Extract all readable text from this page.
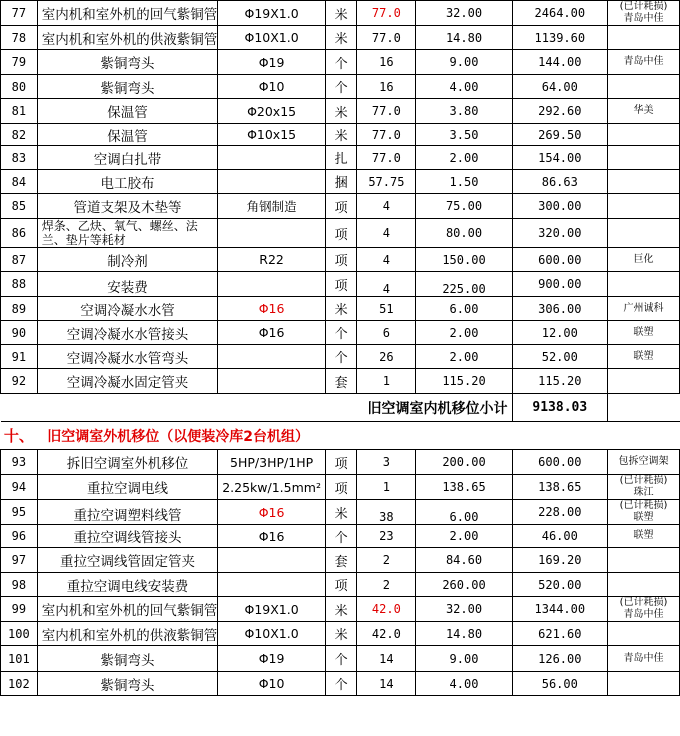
77	室内机和室外机的回气紫铜管	Φ19X1.0	米	77.0	32.00	2464.00	(已计耗损)
青岛中佳
78	室内机和室外机的供液紫铜管	Φ10X1.0	米	77.0	14.80	1139.60	
79	紫铜弯头	Φ19	个	16	9.00	144.00	青岛中佳
80	紫铜弯头	Φ10	个	16	4.00	64.00	
81	保温管	Φ20x15	米	77.0	3.80	292.60	华美
82	保温管	Φ10x15	米	77.0	3.50	269.50	
83	空调白扎带		扎	77.0	2.00	154.00	
84	电工胶布		捆	57.75	1.50	86.63	
85	管道支架及木垫等	角钢制造	项	4	75.00	300.00	
86	焊条、乙炔、氧气、螺丝、法兰、垫片等耗材		项	4	80.00	320.00	
87	制冷剂	R22	项	4	150.00	600.00	巨化
88	安装费		项	4	225.00	900.00	
89	空调冷凝水水管	Φ16	米	51	6.00	306.00	广州诚科
90	空调冷凝水水管接头	Φ16	个	6	2.00	12.00	联塑
91	空调冷凝水水管弯头		个	26	2.00	52.00	联塑
92	空调冷凝水固定管夹		套	1	115.20	115.20	
旧空调室内机移位小计						9138.03	
十、	旧空调室外机移位（以便装冷库2台机组）						
93	拆旧空调室外机移位	5HP/3HP/1HP	项	3	200.00	600.00	包拆空调架
94	重拉空调电线	2.25kw/1.5mm²	项	1	138.65	138.65	(已计耗损)
珠江
95	重拉空调塑料线管	Φ16	米	38	6.00	228.00	(已计耗损)
联塑
96	重拉空调线管接头	Φ16	个	23	2.00	46.00	联塑
97	重拉空调线管固定管夹		套	2	84.60	169.20	
98	重拉空调电线安装费		项	2	260.00	520.00	
99	室内机和室外机的回气紫铜管	Φ19X1.0	米	42.0	32.00	1344.00	(已计耗损)
青岛中佳
100	室内机和室外机的供液紫铜管	Φ10X1.0	米	42.0	14.80	621.60	
101	紫铜弯头	Φ19	个	14	9.00	126.00	青岛中佳
102	紫铜弯头	Φ10	个	14	4.00	56.00	
